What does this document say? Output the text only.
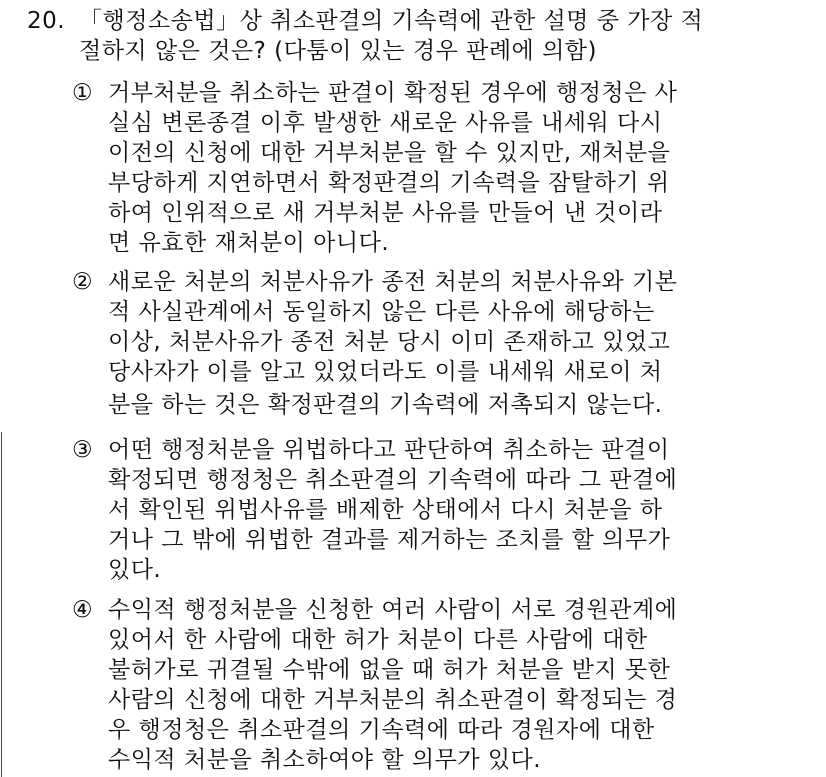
20. 「행정소송법」상 취소판결의 기속력에 관한 설명 중 가장 적
절하지 않은 것은? (다툼이 있는 경우 판례에 의함)
① 거부처분을 취소하는 판결이 확정된 경우에 행정청은 사
실심 변론종결 이후 발생한 새로운 사유를 내세워 다시
이전의 신청에 대한 거부처분을 할 수 있지만, 재처분을
부당하게 지연하면서 확정판결의 기속력을 잠탈하기 위
하여 인위적으로 새 거부처분 사유를 만들어 낸 것이라
면 유효한 재처분이 아니다.
② 새로운 처분의 처분사유가 종전 처분의 처분사유와 기본
적 사실관계에서 동일하지 않은 다른 사유에 해당하는
이상, 처분사유가 종전 처분 당시 이미 존재하고 있었고
당사자가 이를 알고 있었더라도 이를 내세워 새로이 처
분을 하는 것은 확정판결의 기속력에 저촉되지 않는다.
③ 어떤 행정처분을 위법하다고 판단하여 취소하는 판결이
확정되면 행정청은 취소판결의 기속력에 따라 그 판결에
서 확인된 위법사유를 배제한 상태에서 다시 처분을 하
거나 그 밖에 위법한 결과를 제거하는 조치를 할 의무가
있다.
④ 수익적 행정처분을 신청한 여러 사람이 서로 경원관계에
있어서 한 사람에 대한 허가 처분이 다른 사람에 대한
불허가로 귀결될 수밖에 없을 때 허가 처분을 받지 못한
사람의 신청에 대한 거부처분의 취소판결이 확정되는 경
우 행정청은 취소판결의 기속력에 따라 경원자에 대한
수익적 처분을 취소하여야 할 의무가 있다.
